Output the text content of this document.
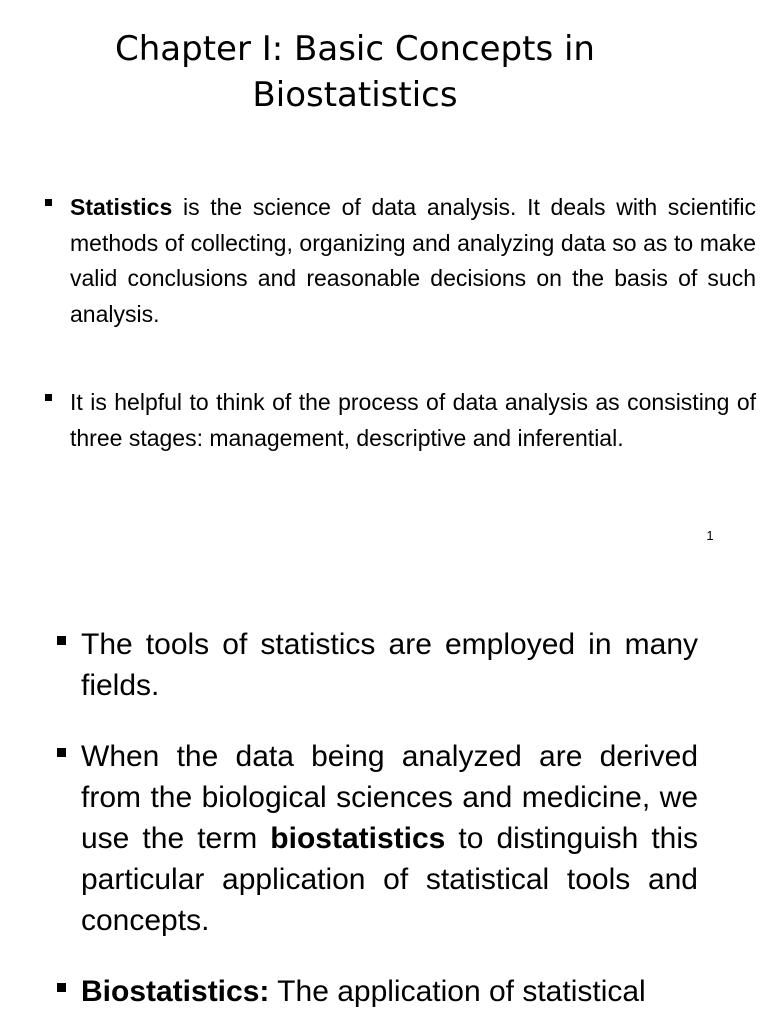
Chapter I: Basic Concepts in Biostatistics
Statistics is the science of data analysis. It deals with scientific methods of collecting, organizing and analyzing data so as to make valid conclusions and reasonable decisions on the basis of such analysis.
It is helpful to think of the process of data analysis as consisting of three stages: management, descriptive and inferential.
1
The tools of statistics are employed in many fields.
When the data being analyzed are derived from the biological sciences and medicine, we use the term biostatistics to distinguish this particular application of statistical tools and concepts.
Biostatistics: The application of statistical
